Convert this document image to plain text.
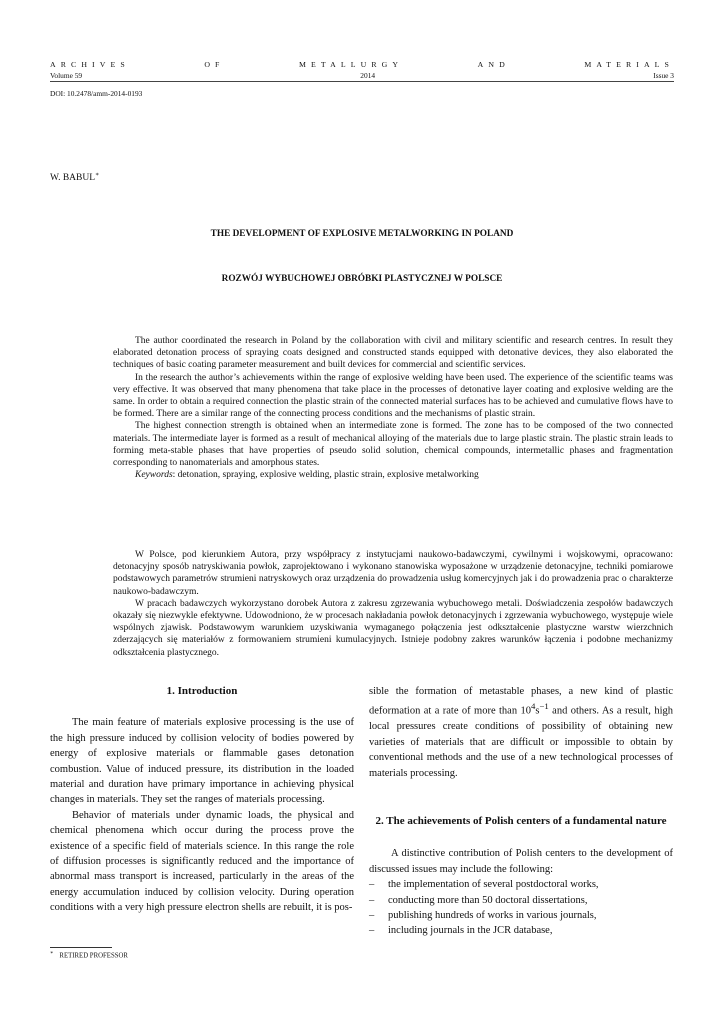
ARCHIVES	OF	METALLURGY	AND	MATERIALS
Volume 59	2014	Issue 3
DOI: 10.2478/amm-2014-0193
W. BABUL∗
THE DEVELOPMENT OF EXPLOSIVE METALWORKING IN POLAND
ROZWÓJ WYBUCHOWEJ OBRÓBKI PLASTYCZNEJ W POLSCE

The author coordinated the research in Poland by the collaboration with civil and military scientific and research centres. In result they elaborated detonation process of spraying coats designed and constructed stands equipped with detonative devices, they also elaborated the techniques of basic coating parameter measurement and built devices for commercial and scientific services.

In the research the author’s achievements within the range of explosive welding have been used. The experience of the scientific teams was very effective. It was observed that many phenomena that take place in the processes of detonative layer coating and explosive welding are the same. In order to obtain a required connection the plastic strain of the connected material surfaces has to be achieved and cumulative flows have to be formed. There are a similar range of the connecting process conditions and the mechanisms of plastic strain.

The highest connection strength is obtained when an intermediate zone is formed. The zone has to be composed of the two connected materials. The intermediate layer is formed as a result of mechanical alloying of the materials due to large plastic strain. The plastic strain leads to forming meta-stable phases that have properties of pseudo solid solution, chemical compounds, intermetallic phases and fragmentation corresponding to nanomaterials and amorphous states.

Keywords: detonation, spraying, explosive welding, plastic strain, explosive metalworking

W Polsce, pod kierunkiem Autora, przy współpracy z instytucjami naukowo-badawczymi, cywilnymi i wojskowymi, opracowano: detonacyjny sposób natryskiwania powłok, zaprojektowano i wykonano stanowiska wyposażone w urządzenie detonacyjne, techniki pomiarowe podstawowych parametrów strumieni natryskowych oraz urządzenia do prowadzenia usług komercyjnych jak i do prowadzenia prac o charakterze naukowo-badawczym.

W pracach badawczych wykorzystano dorobek Autora z zakresu zgrzewania wybuchowego metali. Doświadczenia zespołów badawczych okazały się niezwykle efektywne. Udowodniono, że w procesach nakładania powłok detonacyjnych i zgrzewania wybuchowego, występuje wiele wspólnych zjawisk. Podstawowym warunkiem uzyskiwania wymaganego połączenia jest odkształcenie plastyczne warstw wierzchnich zderzających się materiałów z formowaniem strumieni kumulacyjnych. Istnieje podobny zakres warunków łączenia i podobne mechanizmy odkształcenia plastycznego.

1. Introduction

The main feature of materials explosive processing is the use of the high pressure induced by collision velocity of bodies powered by energy of explosive materials or flammable gases detonation combustion. Value of induced pressure, its distribution in the loaded material and duration have primary importance in achieving physical changes in materials. They set the ranges of materials processing.

Behavior of materials under dynamic loads, the physical and chemical phenomena which occur during the process prove the existence of a specific field of materials science. In this range the role of diffusion processes is significantly reduced and the importance of abnormal mass transport is increased, particularly in the areas of the energy accumulation induced by collision velocity. During operation conditions with a very high pressure electron shells are rebuilt, it is pos-

sible the formation of metastable phases, a new kind of plastic deformation at a rate of more than $10^4s^{-1}$ and others. As a result, high local pressures create conditions of possibility of obtaining new varieties of materials that are difficult or impossible to obtain by conventional methods and the use of a new technological processes of materials processing.

2. The achievements of Polish centers of a fundamental nature

A distinctive contribution of Polish centers to the development of discussed issues may include the following:

– the implementation of several postdoctoral works,
– conducting more than 50 doctoral dissertations,
– publishing hundreds of works in various journals,
– including journals in the JCR database,
∗ RETIRED PROFESSOR
